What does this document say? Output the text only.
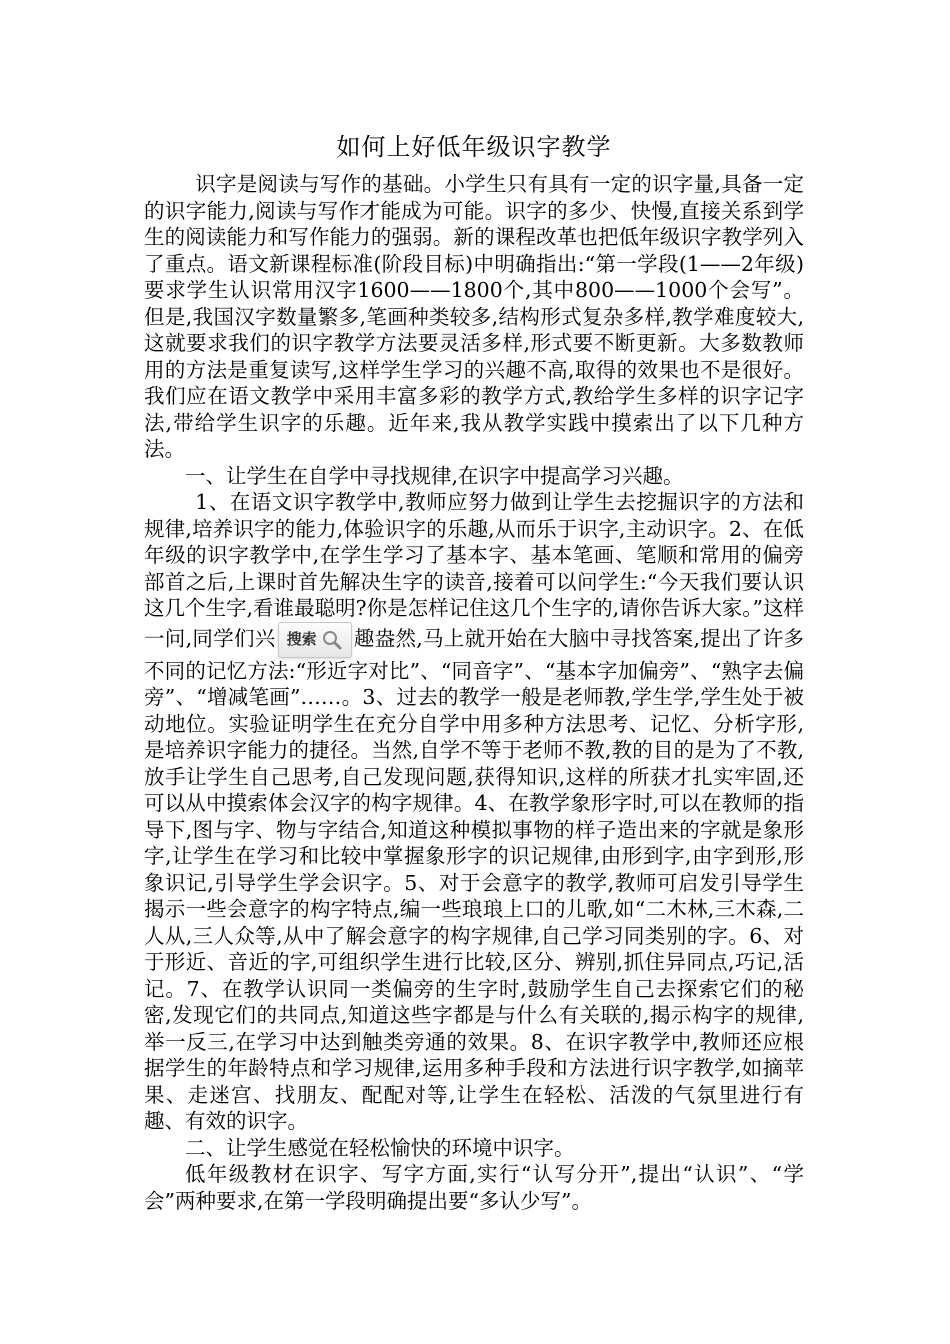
如何上好低年级识字教学

识字是阅读与写作的基础。小学生只有具有一定的识字量,具备一定的识字能力,阅读与写作才能成为可能。识字的多少、快慢,直接关系到学生的阅读能力和写作能力的强弱。新的课程改革也把低年级识字教学列入了重点。语文新课程标准(阶段目标)中明确指出:“第一学段(1——2年级)要求学生认识常用汉字1600——1800个,其中800——1000个会写”。但是,我国汉字数量繁多,笔画种类较多,结构形式复杂多样,教学难度较大,这就要求我们的识字教学方法要灵活多样,形式要不断更新。大多数教师用的方法是重复读写,这样学生学习的兴趣不高,取得的效果也不是很好。我们应在语文教学中采用丰富多彩的教学方式,教给学生多样的识字记字法,带给学生识字的乐趣。近年来,我从教学实践中摸索出了以下几种方法。

一、让学生在自学中寻找规律,在识字中提高学习兴趣。

1、在语文识字教学中,教师应努力做到让学生去挖掘识字的方法和规律,培养识字的能力,体验识字的乐趣,从而乐于识字,主动识字。2、在低年级的识字教学中,在学生学习了基本字、基本笔画、笔顺和常用的偏旁部首之后,上课时首先解决生字的读音,接着可以问学生:“今天我们要认识这几个生字,看谁最聪明?你是怎样记住这几个生字的,请你告诉大家。”这样一问,同学们兴 搜索 趣盎然,马上就开始在大脑中寻找答案,提出了许多不同的记忆方法:“形近字对比”、“同音字”、“基本字加偏旁”、“熟字去偏旁”、“增减笔画”……。3、过去的教学一般是老师教,学生学,学生处于被动地位。实验证明学生在充分自学中用多种方法思考、记忆、分析字形,是培养识字能力的捷径。当然,自学不等于老师不教,教的目的是为了不教,放手让学生自己思考,自己发现问题,获得知识,这样的所获才扎实牢固,还可以从中摸索体会汉字的构字规律。4、在教学象形字时,可以在教师的指导下,图与字、物与字结合,知道这种模拟事物的样子造出来的字就是象形字,让学生在学习和比较中掌握象形字的识记规律,由形到字,由字到形,形象识记,引导学生学会识字。5、对于会意字的教学,教师可启发引导学生揭示一些会意字的构字特点,编一些琅琅上口的儿歌,如“二木林,三木森,二人从,三人众等,从中了解会意字的构字规律,自己学习同类别的字。6、对于形近、音近的字,可组织学生进行比较,区分、辨别,抓住异同点,巧记,活记。7、在教学认识同一类偏旁的生字时,鼓励学生自己去探索它们的秘密,发现它们的共同点,知道这些字都是与什么有关联的,揭示构字的规律,举一反三,在学习中达到触类旁通的效果。8、在识字教学中,教师还应根据学生的年龄特点和学习规律,运用多种手段和方法进行识字教学,如摘苹果、走迷宫、找朋友、配配对等,让学生在轻松、活泼的气氛里进行有趣、有效的识字。

二、让学生感觉在轻松愉快的环境中识字。

低年级教材在识字、写字方面,实行“认写分开”,提出“认识”、“学会”两种要求,在第一学段明确提出要“多认少写”。
